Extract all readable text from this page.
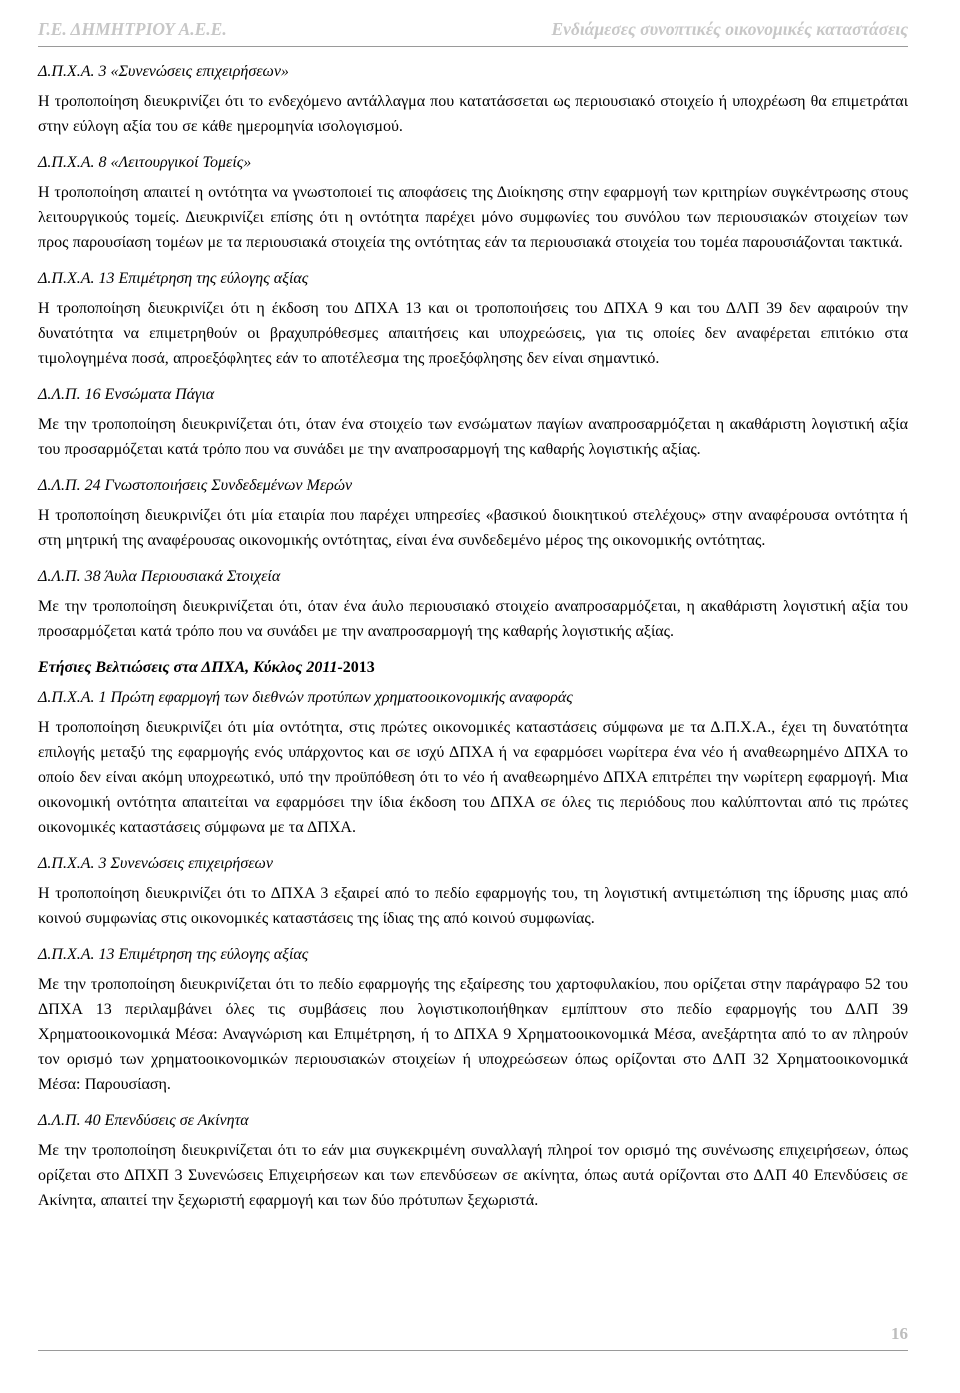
Γ.Ε. ΔΗΜΗΤΡΙΟΥ Α.Ε.Ε.	Ενδιάμεσες συνοπτικές οικονομικές καταστάσεις
Δ.Π.Χ.Α. 3 «Συνενώσεις επιχειρήσεων»

Η τροποποίηση διευκρινίζει ότι το ενδεχόμενο αντάλλαγμα που κατατάσσεται ως περιουσιακό στοιχείο ή υποχρέωση θα επιμετράται στην εύλογη αξία του σε κάθε ημερομηνία ισολογισμού.

Δ.Π.Χ.Α. 8 «Λειτουργικοί Τομείς»

Η τροποποίηση απαιτεί η οντότητα να γνωστοποιεί τις αποφάσεις της Διοίκησης στην εφαρμογή των κριτηρίων συγκέντρωσης στους λειτουργικούς τομείς. Διευκρινίζει επίσης ότι η οντότητα παρέχει μόνο συμφωνίες του συνόλου των περιουσιακών στοιχείων των προς παρουσίαση τομέων με τα περιουσιακά στοιχεία της οντότητας εάν τα περιουσιακά στοιχεία του τομέα παρουσιάζονται τακτικά.

Δ.Π.Χ.Α. 13 Επιμέτρηση της εύλογης αξίας

Η τροποποίηση διευκρινίζει ότι η έκδοση του ΔΠΧΑ 13 και οι τροποποιήσεις του ΔΠΧΑ 9 και του ΔΛΠ 39 δεν αφαιρούν την δυνατότητα να επιμετρηθούν οι βραχυπρόθεσμες απαιτήσεις και υποχρεώσεις, για τις οποίες δεν αναφέρεται επιτόκιο στα τιμολογημένα ποσά, απροεξόφλητες εάν το αποτέλεσμα της προεξόφλησης δεν είναι σημαντικό.

Δ.Λ.Π. 16 Ενσώματα Πάγια

Με την τροποποίηση διευκρινίζεται ότι, όταν ένα στοιχείο των ενσώματων παγίων αναπροσαρμόζεται η ακαθάριστη λογιστική αξία του προσαρμόζεται κατά τρόπο που να συνάδει με την αναπροσαρμογή της καθαρής λογιστικής αξίας.

Δ.Λ.Π. 24 Γνωστοποιήσεις Συνδεδεμένων Μερών

Η τροποποίηση διευκρινίζει ότι μία εταιρία που παρέχει υπηρεσίες «βασικού διοικητικού στελέχους» στην αναφέρουσα οντότητα ή στη μητρική της αναφέρουσας οικονομικής οντότητας, είναι ένα συνδεδεμένο μέρος της οικονομικής οντότητας.

Δ.Λ.Π. 38 Άυλα Περιουσιακά Στοιχεία

Με την τροποποίηση διευκρινίζεται ότι, όταν ένα άυλο περιουσιακό στοιχείο αναπροσαρμόζεται, η ακαθάριστη λογιστική αξία του προσαρμόζεται κατά τρόπο που να συνάδει με την αναπροσαρμογή της καθαρής λογιστικής αξίας.

Ετήσιες Βελτιώσεις στα ΔΠΧΑ, Κύκλος 2011-2013
Δ.Π.Χ.Α. 1 Πρώτη εφαρμογή των διεθνών προτύπων χρηματοοικονομικής αναφοράς

Η τροποποίηση διευκρινίζει ότι μία οντότητα, στις πρώτες οικονομικές καταστάσεις σύμφωνα με τα Δ.Π.Χ.Α., έχει τη δυνατότητα επιλογής μεταξύ της εφαρμογής ενός υπάρχοντος και σε ισχύ ΔΠΧΑ ή να εφαρμόσει νωρίτερα ένα νέο ή αναθεωρημένο ΔΠΧΑ το οποίο δεν είναι ακόμη υποχρεωτικό, υπό την προϋπόθεση ότι το νέο ή αναθεωρημένο ΔΠΧΑ επιτρέπει την νωρίτερη εφαρμογή. Μια οικονομική οντότητα απαιτείται να εφαρμόσει την ίδια έκδοση του ΔΠΧΑ σε όλες τις περιόδους που καλύπτονται από τις πρώτες οικονομικές καταστάσεις σύμφωνα με τα ΔΠΧΑ.

Δ.Π.Χ.Α. 3 Συνενώσεις επιχειρήσεων

Η τροποποίηση διευκρινίζει ότι το ΔΠΧΑ 3 εξαιρεί από το πεδίο εφαρμογής του, τη λογιστική αντιμετώπιση της ίδρυσης μιας από κοινού συμφωνίας στις οικονομικές καταστάσεις της ίδιας της από κοινού συμφωνίας.

Δ.Π.Χ.Α. 13 Επιμέτρηση της εύλογης αξίας

Με την τροποποίηση διευκρινίζεται ότι το πεδίο εφαρμογής της εξαίρεσης του χαρτοφυλακίου, που ορίζεται στην παράγραφο 52 του ΔΠΧΑ 13 περιλαμβάνει όλες τις συμβάσεις που λογιστικοποιήθηκαν εμπίπτουν στο πεδίο εφαρμογής του ΔΛΠ 39 Χρηματοοικονομικά Μέσα: Αναγνώριση και Επιμέτρηση, ή το ΔΠΧΑ 9 Χρηματοοικονομικά Μέσα, ανεξάρτητα από το αν πληρούν τον ορισμό των χρηματοοικονομικών περιουσιακών στοιχείων ή υποχρεώσεων όπως ορίζονται στο ΔΛΠ 32 Χρηματοοικονομικά Μέσα: Παρουσίαση.

Δ.Λ.Π. 40 Επενδύσεις σε Ακίνητα

Με την τροποποίηση διευκρινίζεται ότι το εάν μια συγκεκριμένη συναλλαγή πληροί τον ορισμό της συνένωσης επιχειρήσεων, όπως ορίζεται στο ΔΠΧΠ 3 Συνενώσεις Επιχειρήσεων και των επενδύσεων σε ακίνητα, όπως αυτά ορίζονται στο ΔΛΠ 40 Επενδύσεις σε Ακίνητα, απαιτεί την ξεχωριστή εφαρμογή και των δύο πρότυπων ξεχωριστά.

16
